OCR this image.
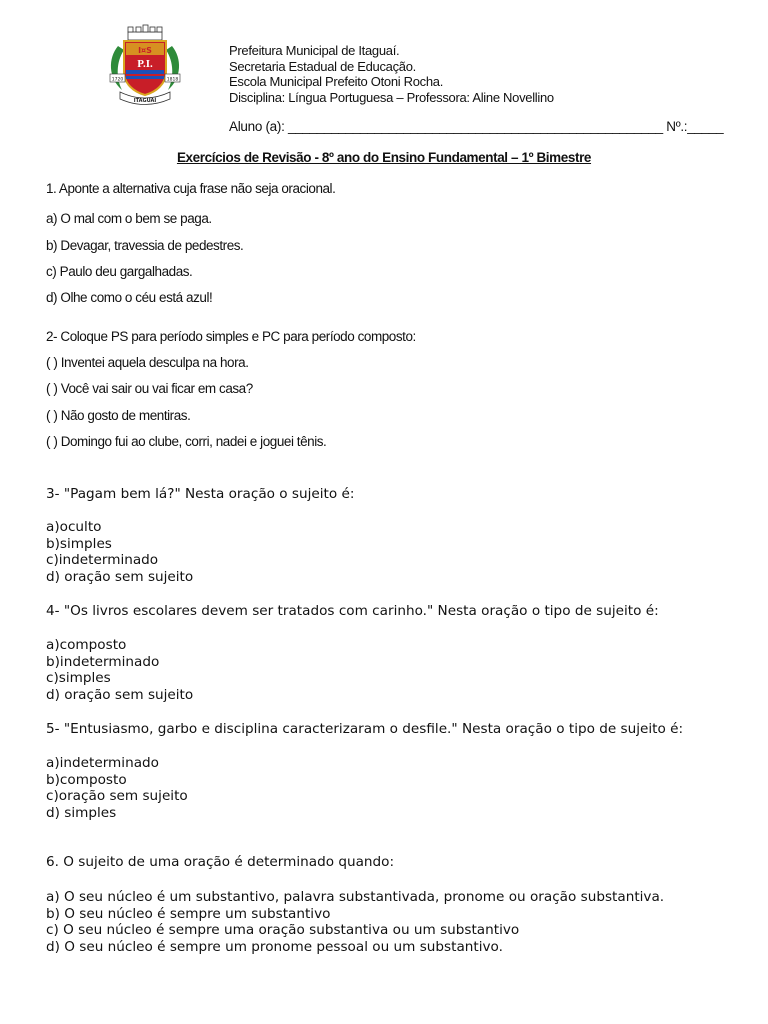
I¤S
P.I.
1720	1818
ITAGUAÍ
Prefeitura Municipal de Itaguaí.
Secretaria Estadual de Educação.
Escola Municipal Prefeito Otoni Rocha.
Disciplina: Língua Portuguesa – Professora: Aline Novellino
Aluno (a): ____________________________________________________ Nº.:_____
Exercícios de Revisão - 8º ano do Ensino Fundamental – 1º Bimestre
1. Aponte a alternativa cuja frase não seja oracional.
a) O mal com o bem se paga.
b) Devagar, travessia de pedestres.
c) Paulo deu gargalhadas.
d) Olhe como o céu está azul!
2- Coloque PS para período simples e PC para período composto:
( ) Inventei aquela desculpa na hora.
( ) Você vai sair ou vai ficar em casa?
( ) Não gosto de mentiras.
( ) Domingo fui ao clube, corri, nadei e joguei tênis.
3- "Pagam bem lá?" Nesta oração o sujeito é:
a)oculto
b)simples
c)indeterminado
d) oração sem sujeito
4- "Os livros escolares devem ser tratados com carinho." Nesta oração o tipo de sujeito é:
a)composto
b)indeterminado
c)simples
d) oração sem sujeito
5- "Entusiasmo, garbo e disciplina caracterizaram o desfile." Nesta oração o tipo de sujeito é:
a)indeterminado
b)composto
c)oração sem sujeito
d) simples
6. O sujeito de uma oração é determinado quando:
a) O seu núcleo é um substantivo, palavra substantivada, pronome ou oração substantiva.
b) O seu núcleo é sempre um substantivo
c) O seu núcleo é sempre uma oração substantiva ou um substantivo
d) O seu núcleo é sempre um pronome pessoal ou um substantivo.
